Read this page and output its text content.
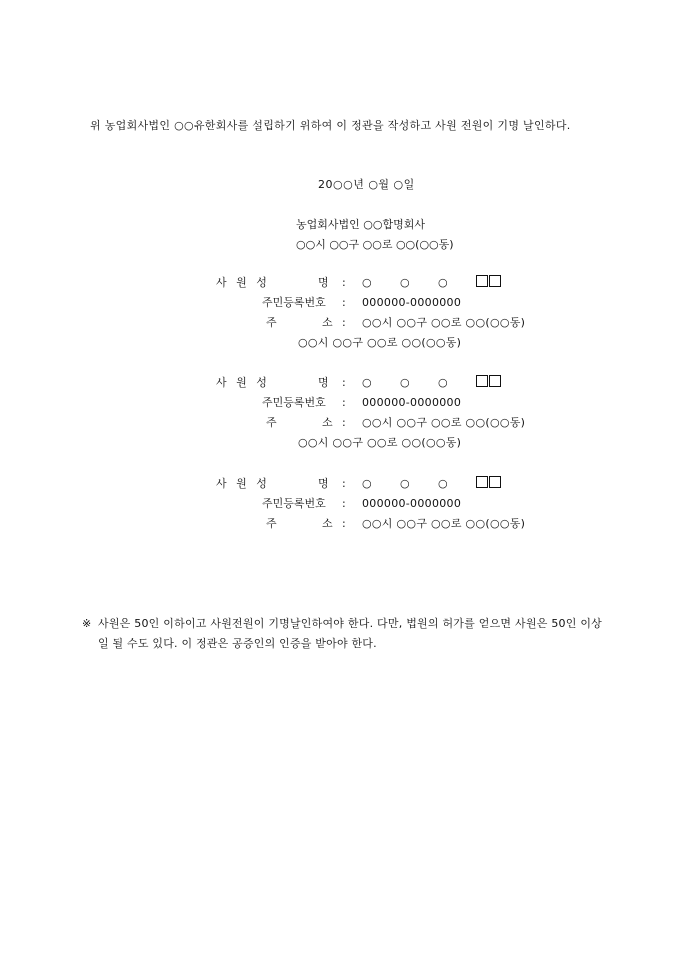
위 농업회사법인 ○○유한회사를 설립하기 위하여 이 정관을 작성하고 사원 전원이 기명 날인하다.
20○○년 ○월 ○일
농업회사법인 ○○합명회사
○○시 ○○구 ○○로 ○○(○○동)
사 원 성	명 : ○	○	○
주민등록번호 : 000000-0000000
주	소 : ○○시 ○○구 ○○로 ○○(○○동)
○○시 ○○구 ○○로 ○○(○○동)
사 원 성	명 : ○	○	○
주민등록번호 : 000000-0000000
주	소 : ○○시 ○○구 ○○로 ○○(○○동)
○○시 ○○구 ○○로 ○○(○○동)
사 원 성	명 : ○	○	○
주민등록번호 : 000000-0000000
주	소 : ○○시 ○○구 ○○로 ○○(○○동)
※ 사원은 50인 이하이고 사원전원이 기명날인하여야 한다. 다만, 법원의 허가를 얻으면 사원은 50인 이상일 될 수도 있다. 이 정관은 공증인의 인증을 받아야 한다.
